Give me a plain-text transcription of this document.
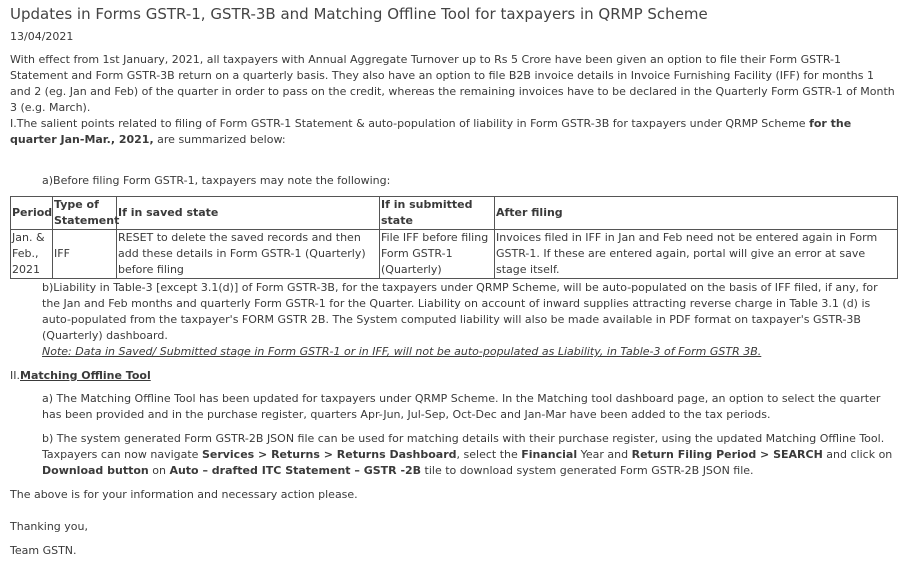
Updates in Forms GSTR-1, GSTR-3B and Matching Offline Tool for taxpayers in QRMP Scheme
13/04/2021
With effect from 1st January, 2021, all taxpayers with Annual Aggregate Turnover up to Rs 5 Crore have been given an option to file their Form GSTR-1 Statement and Form GSTR-3B return on a quarterly basis. They also have an option to file B2B invoice details in Invoice Furnishing Facility (IFF) for months 1 and 2 (eg. Jan and Feb) of the quarter in order to pass on the credit, whereas the remaining invoices have to be declared in the Quarterly Form GSTR-1 of Month 3 (e.g. March).
I.The salient points related to filing of Form GSTR-1 Statement & auto-population of liability in Form GSTR-3B for taxpayers under QRMP Scheme for the quarter Jan-Mar., 2021, are summarized below:
a)Before filing Form GSTR-1, taxpayers may note the following:
Period	Type of Statement	If in saved state	If in submitted state	After filing
Jan. & Feb., 2021	IFF	RESET to delete the saved records and then add these details in Form GSTR-1 (Quarterly) before filing	File IFF before filing Form GSTR-1 (Quarterly)	Invoices filed in IFF in Jan and Feb need not be entered again in Form GSTR-1. If these are entered again, portal will give an error at save stage itself.
b)Liability in Table-3 [except 3.1(d)] of Form GSTR-3B, for the taxpayers under QRMP Scheme, will be auto-populated on the basis of IFF filed, if any, for the Jan and Feb months and quarterly Form GSTR-1 for the Quarter. Liability on account of inward supplies attracting reverse charge in Table 3.1 (d) is auto-populated from the taxpayer's FORM GSTR 2B. The System computed liability will also be made available in PDF format on taxpayer's GSTR-3B (Quarterly) dashboard.
Note: Data in Saved/ Submitted stage in Form GSTR-1 or in IFF, will not be auto-populated as Liability, in Table-3 of Form GSTR 3B.
II.Matching Offline Tool
a) The Matching Offline Tool has been updated for taxpayers under QRMP Scheme. In the Matching tool dashboard page, an option to select the quarter has been provided and in the purchase register, quarters Apr-Jun, Jul-Sep, Oct-Dec and Jan-Mar have been added to the tax periods.
b) The system generated Form GSTR-2B JSON file can be used for matching details with their purchase register, using the updated Matching Offline Tool. Taxpayers can now navigate Services > Returns > Returns Dashboard, select the Financial Year and Return Filing Period > SEARCH and click on Download button on Auto – drafted ITC Statement – GSTR -2B tile to download system generated Form GSTR-2B JSON file.
The above is for your information and necessary action please.
Thanking you,
Team GSTN.
